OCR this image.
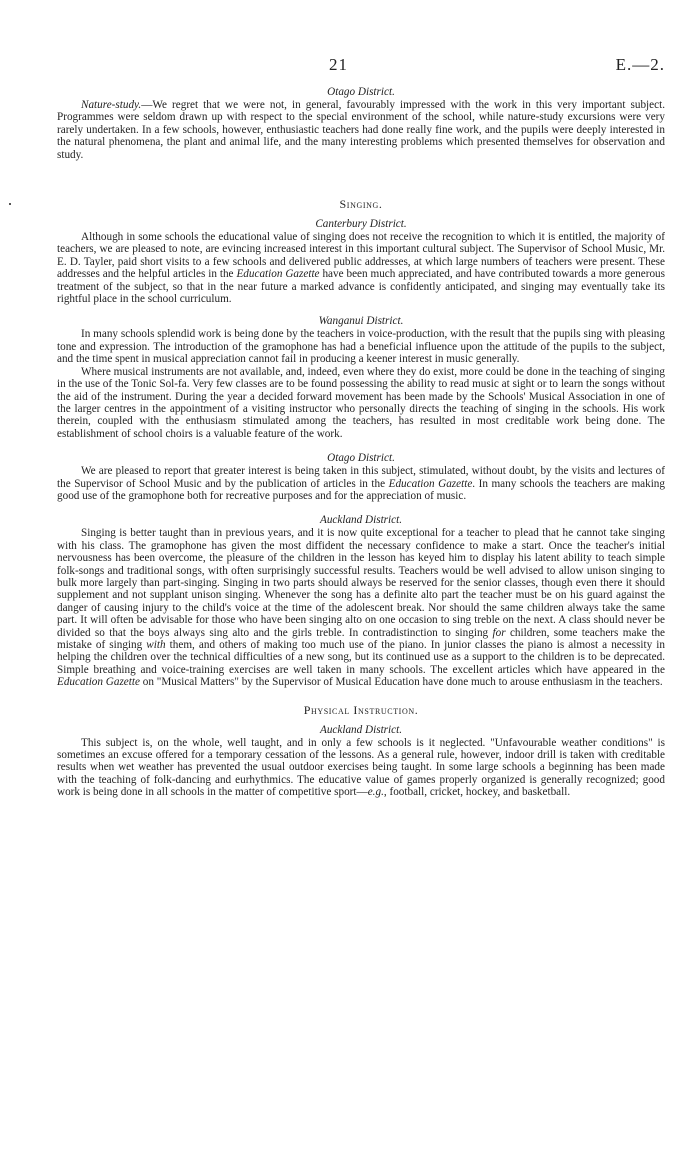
21	E.—2.
Otago District.

Nature-study.—We regret that we were not, in general, favourably impressed with the work in this very important subject. Programmes were seldom drawn up with respect to the special environment of the school, while nature-study excursions were very rarely undertaken. In a few schools, however, enthusiastic teachers had done really fine work, and the pupils were deeply interested in the natural phenomena, the plant and animal life, and the many interesting problems which presented themselves for observation and study.

Singing.
Canterbury District.

Although in some schools the educational value of singing does not receive the recognition to which it is entitled, the majority of teachers, we are pleased to note, are evincing increased interest in this important cultural subject. The Supervisor of School Music, Mr. E. D. Tayler, paid short visits to a few schools and delivered public addresses, at which large numbers of teachers were present. These addresses and the helpful articles in the Education Gazette have been much appreciated, and have contributed towards a more generous treatment of the subject, so that in the near future a marked advance is confidently anticipated, and singing may eventually take its rightful place in the school curriculum.

Wanganui District.

In many schools splendid work is being done by the teachers in voice-production, with the result that the pupils sing with pleasing tone and expression. The introduction of the gramophone has had a beneficial influence upon the attitude of the pupils to the subject, and the time spent in musical appreciation cannot fail in producing a keener interest in music generally.

Where musical instruments are not available, and, indeed, even where they do exist, more could be done in the teaching of singing in the use of the Tonic Sol-fa. Very few classes are to be found possessing the ability to read music at sight or to learn the songs without the aid of the instrument. During the year a decided forward movement has been made by the Schools' Musical Association in one of the larger centres in the appointment of a visiting instructor who personally directs the teaching of singing in the schools. His work therein, coupled with the enthusiasm stimulated among the teachers, has resulted in most creditable work being done. The establishment of school choirs is a valuable feature of the work.

Otago District.

We are pleased to report that greater interest is being taken in this subject, stimulated, without doubt, by the visits and lectures of the Supervisor of School Music and by the publication of articles in the Education Gazette. In many schools the teachers are making good use of the gramophone both for recreative purposes and for the appreciation of music.

Auckland District.

Singing is better taught than in previous years, and it is now quite exceptional for a teacher to plead that he cannot take singing with his class. The gramophone has given the most diffident the necessary confidence to make a start. Once the teacher's initial nervousness has been overcome, the pleasure of the children in the lesson has keyed him to display his latent ability to teach simple folk-songs and traditional songs, with often surprisingly successful results. Teachers would be well advised to allow unison singing to bulk more largely than part-singing. Singing in two parts should always be reserved for the senior classes, though even there it should supplement and not supplant unison singing. Whenever the song has a definite alto part the teacher must be on his guard against the danger of causing injury to the child's voice at the time of the adolescent break. Nor should the same children always take the same part. It will often be advisable for those who have been singing alto on one occasion to sing treble on the next. A class should never be divided so that the boys always sing alto and the girls treble. In contradistinction to singing for children, some teachers make the mistake of singing with them, and others of making too much use of the piano. In junior classes the piano is almost a necessity in helping the children over the technical difficulties of a new song, but its continued use as a support to the children is to be deprecated. Simple breathing and voice-training exercises are well taken in many schools. The excellent articles which have appeared in the Education Gazette on "Musical Matters" by the Supervisor of Musical Education have done much to arouse enthusiasm in the teachers.

Physical Instruction.
Auckland District.

This subject is, on the whole, well taught, and in only a few schools is it neglected. "Unfavourable weather conditions" is sometimes an excuse offered for a temporary cessation of the lessons. As a general rule, however, indoor drill is taken with creditable results when wet weather has prevented the usual outdoor exercises being taught. In some large schools a beginning has been made with the teaching of folk-dancing and eurhythmics. The educative value of games properly organized is generally recognized; good work is being done in all schools in the matter of competitive sport—e.g., football, cricket, hockey, and basketball.
